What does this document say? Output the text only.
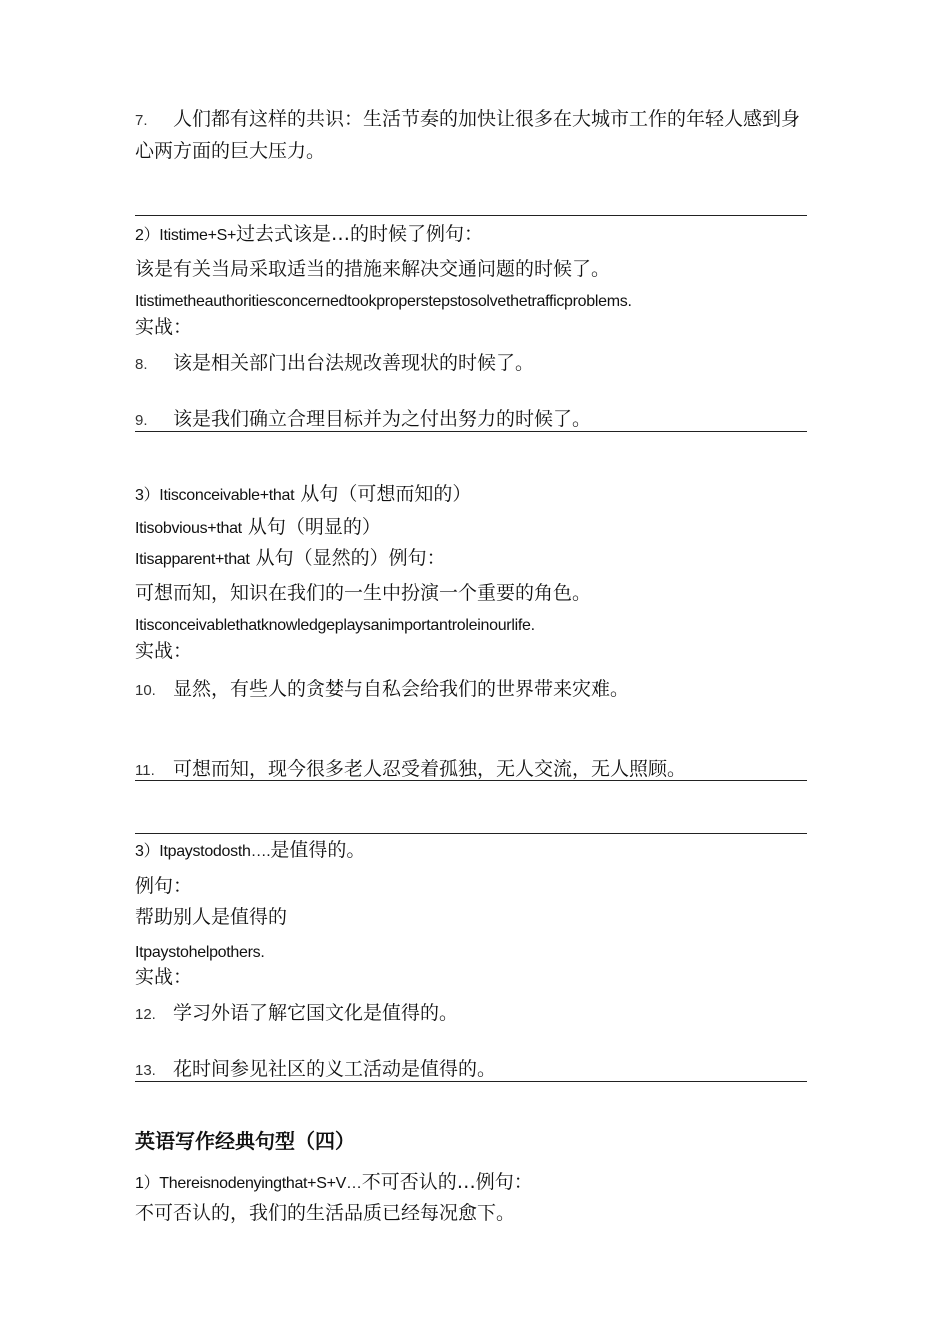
7. 人们都有这样的共识：生活节奏的加快让很多在大城市工作的年轻人感到身心两方面的巨大压力。
2）Itistime+S+过去式该是…的时候了例句：
该是有关当局采取适当的措施来解决交通问题的时候了。
Itistimetheauthoritiesconcernedtookproperstepstosolvethetrafficproblems.
实战：
8. 该是相关部门出台法规改善现状的时候了。
9. 该是我们确立合理目标并为之付出努力的时候了。
3）Itisconceivable+that 从句（可想而知的）
Itisobvious+that 从句（明显的）
Itisapparent+that 从句（显然的）例句：
可想而知，知识在我们的一生中扮演一个重要的角色。
Itisconceivablethatknowledgeplaysanimportantroleinourlife.
实战：
10. 显然，有些人的贪婪与自私会给我们的世界带来灾难。
11. 可想而知，现今很多老人忍受着孤独，无人交流，无人照顾。
3）Itpaystodosth….是值得的。
例句：
帮助别人是值得的
Itpaystohelpothers.
实战：
12. 学习外语了解它国文化是值得的。
13. 花时间参见社区的义工活动是值得的。
英语写作经典句型（四）
1）Thereisnodenyingthat+S+V…不可否认的…例句：
不可否认的，我们的生活品质已经每况愈下。
